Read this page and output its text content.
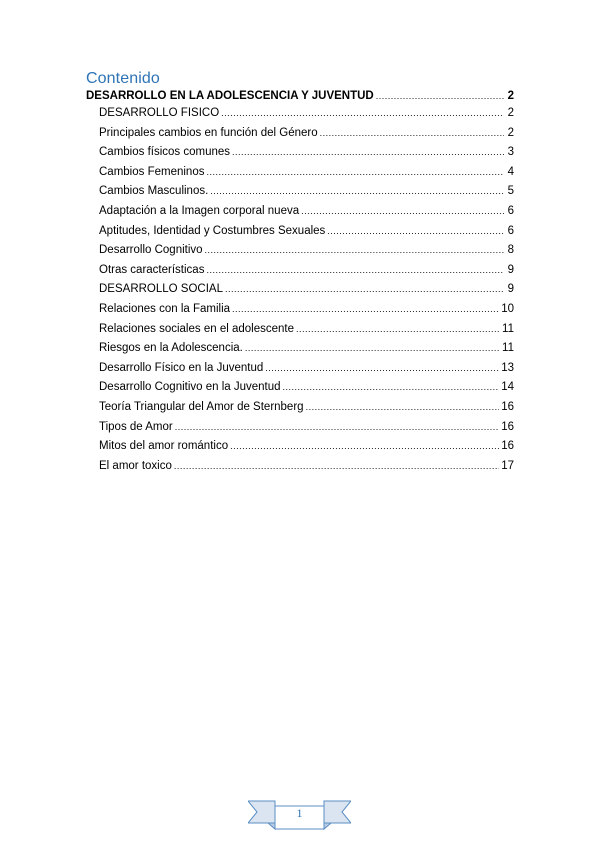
Contenido
DESARROLLO EN LA ADOLESCENCIA Y JUVENTUD .....	2
DESARROLLO FISICO .....	2
Principales cambios en función del Género .....	2
Cambios físicos comunes .....	3
Cambios Femeninos .....	4
Cambios Masculinos. .....	5
Adaptación a la Imagen corporal nueva .....	6
Aptitudes, Identidad y Costumbres Sexuales .....	6
Desarrollo Cognitivo .....	8
Otras características .....	9
DESARROLLO SOCIAL .....	9
Relaciones con la Familia .....	10
Relaciones sociales en el adolescente .....	11
Riesgos en la Adolescencia. .....	11
Desarrollo Físico en la Juventud .....	13
Desarrollo Cognitivo en la Juventud .....	14
Teoría Triangular del Amor de Sternberg .....	16
Tipos de Amor .....	16
Mitos del amor romántico .....	16
El amor toxico .....	17
1
